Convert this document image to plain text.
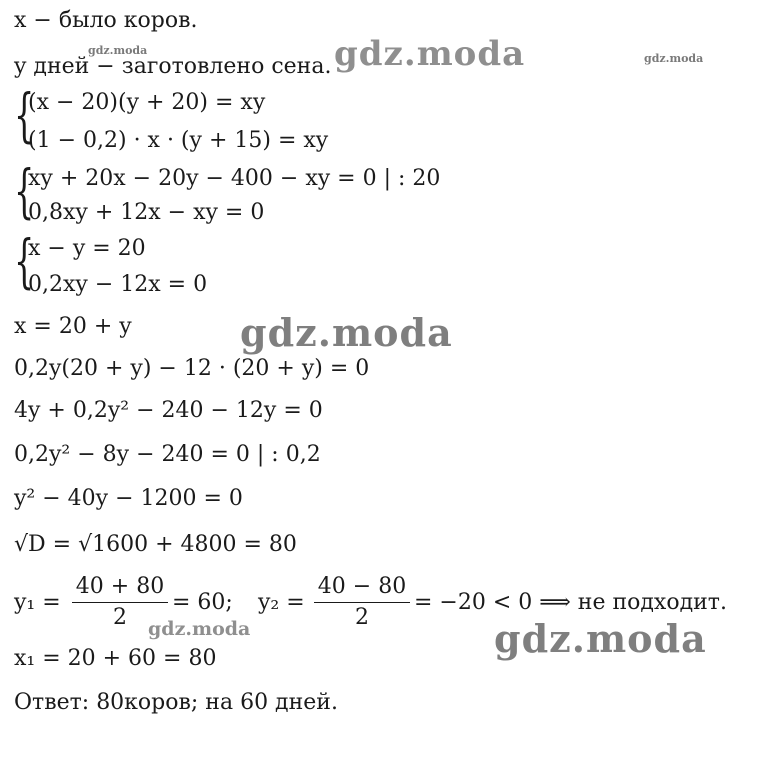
x − было коров.
y дней − заготовлено сена.
{
(x − 20)(y + 20) = xy
(1 − 0,2) · x · (y + 15) = xy
{
xy + 20x − 20y − 400 − xy = 0 | : 20
0,8xy + 12x − xy = 0
{
x − y = 20
0,2xy − 12x = 0
x = 20 + y
0,2y(20 + y) − 12 · (20 + y) = 0
4y + 0,2y² − 240 − 12y = 0
0,2y² − 8y − 240 = 0 | : 0,2
y² − 40y − 1200 = 0
√D = √1600 + 4800 = 80
y₁ =
40 + 80
2
= 60; y₂ =
40 − 80
2
= −20 < 0 ⟹ не подходит.
x₁ = 20 + 60 = 80
Ответ: 80коров; на 60 дней.
gdz.moda	gdz.moda	gdz.moda
gdz.moda
gdz.moda	gdz.moda
